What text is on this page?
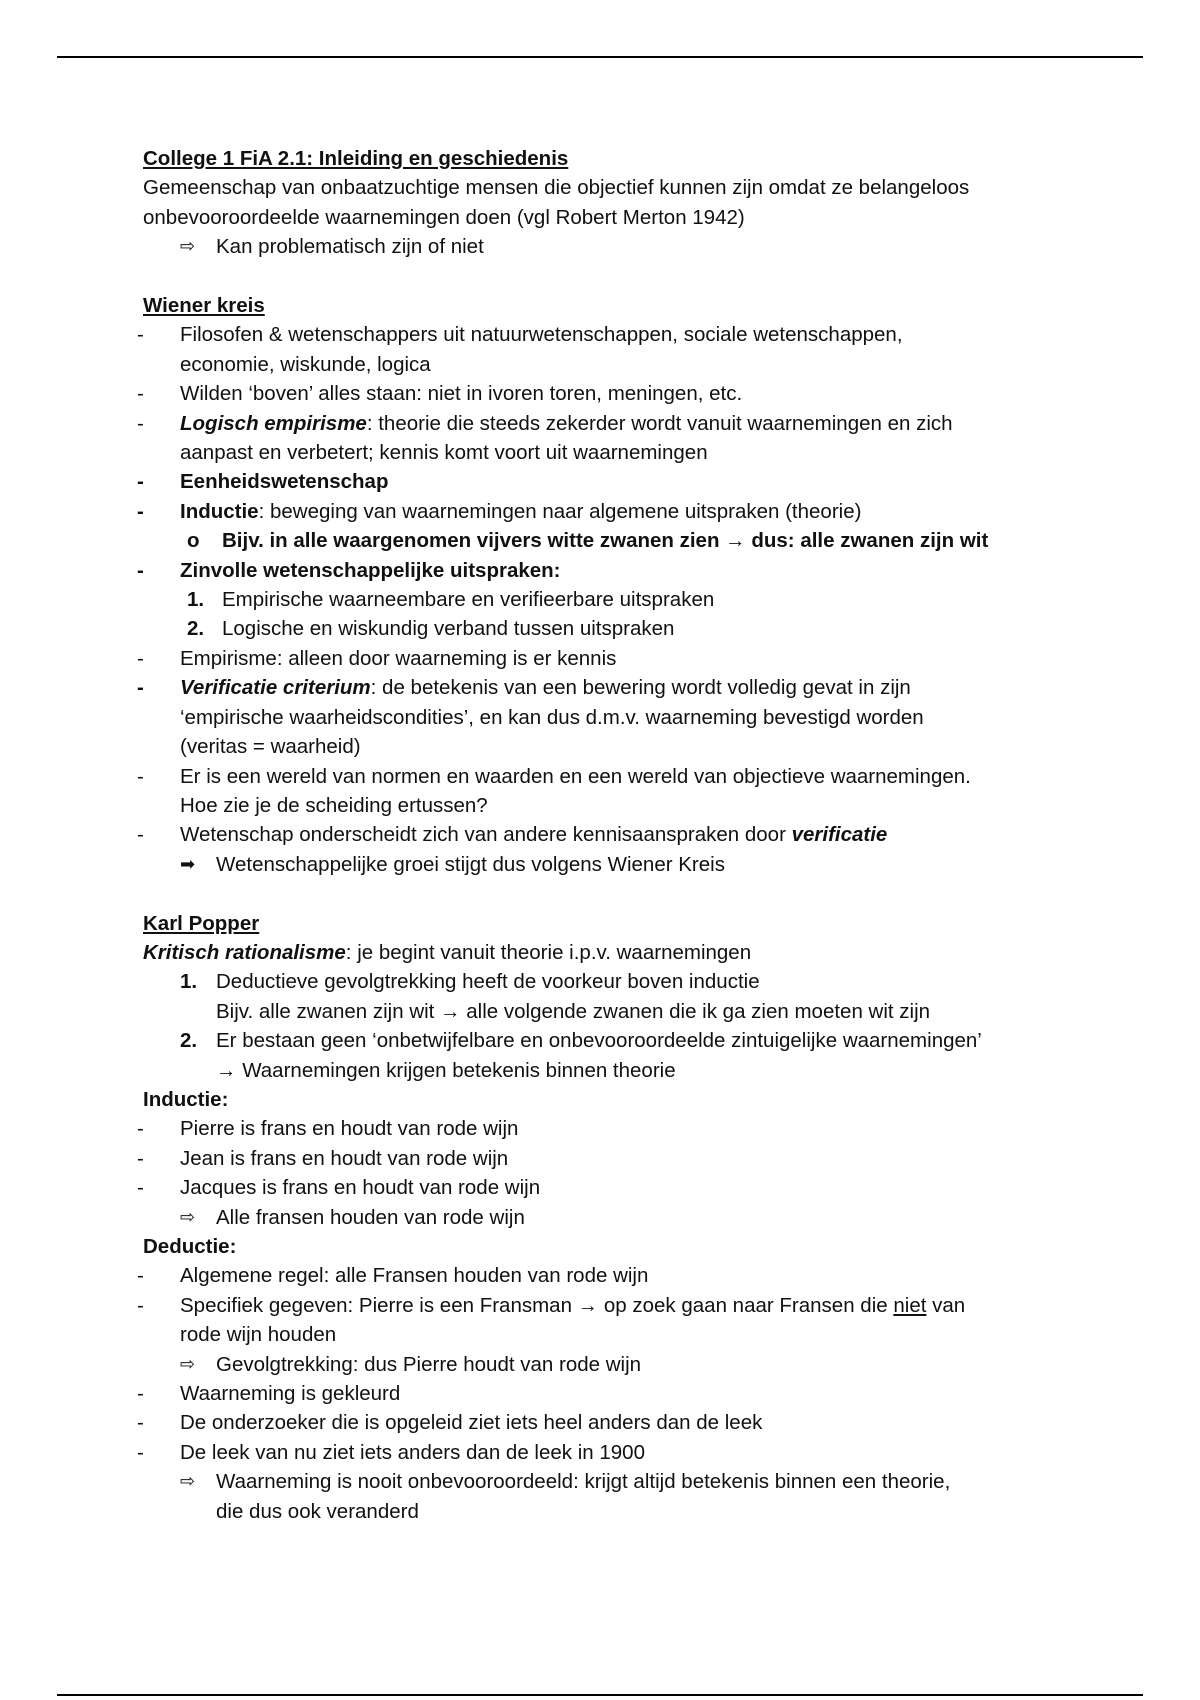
College 1 FiA 2.1: Inleiding en geschiedenis
Gemeenschap van onbaatzuchtige mensen die objectief kunnen zijn omdat ze belangeloos
onbevooroordeelde waarnemingen doen (vgl Robert Merton 1942)
⇨ Kan problematisch zijn of niet
Wiener kreis
- Filosofen & wetenschappers uit natuurwetenschappen, sociale wetenschappen,
economie, wiskunde, logica
- Wilden ‘boven’ alles staan: niet in ivoren toren, meningen, etc.
- Logisch empirisme: theorie die steeds zekerder wordt vanuit waarnemingen en zich
aanpast en verbetert; kennis komt voort uit waarnemingen
- Eenheidswetenschap
- Inductie: beweging van waarnemingen naar algemene uitspraken (theorie)
o Bijv. in alle waargenomen vijvers witte zwanen zien → dus: alle zwanen zijn wit
- Zinvolle wetenschappelijke uitspraken:
1. Empirische waarneembare en verifieerbare uitspraken
2. Logische en wiskundig verband tussen uitspraken
- Empirisme: alleen door waarneming is er kennis
- Verificatie criterium: de betekenis van een bewering wordt volledig gevat in zijn
‘empirische waarheidscondities’, en kan dus d.m.v. waarneming bevestigd worden
(veritas = waarheid)
- Er is een wereld van normen en waarden en een wereld van objectieve waarnemingen.
Hoe zie je de scheiding ertussen?
- Wetenschap onderscheidt zich van andere kennisaanspraken door verificatie
➡ Wetenschappelijke groei stijgt dus volgens Wiener Kreis
Karl Popper
Kritisch rationalisme: je begint vanuit theorie i.p.v. waarnemingen
1. Deductieve gevolgtrekking heeft de voorkeur boven inductie
Bijv. alle zwanen zijn wit → alle volgende zwanen die ik ga zien moeten wit zijn
2. Er bestaan geen ‘onbetwijfelbare en onbevooroordeelde zintuigelijke waarnemingen’
→ Waarnemingen krijgen betekenis binnen theorie
Inductie:
- Pierre is frans en houdt van rode wijn
- Jean is frans en houdt van rode wijn
- Jacques is frans en houdt van rode wijn
⇨ Alle fransen houden van rode wijn
Deductie:
- Algemene regel: alle Fransen houden van rode wijn
- Specifiek gegeven: Pierre is een Fransman → op zoek gaan naar Fransen die niet van
rode wijn houden
⇨ Gevolgtrekking: dus Pierre houdt van rode wijn
- Waarneming is gekleurd
- De onderzoeker die is opgeleid ziet iets heel anders dan de leek
- De leek van nu ziet iets anders dan de leek in 1900
⇨ Waarneming is nooit onbevooroordeeld: krijgt altijd betekenis binnen een theorie,
die dus ook veranderd
